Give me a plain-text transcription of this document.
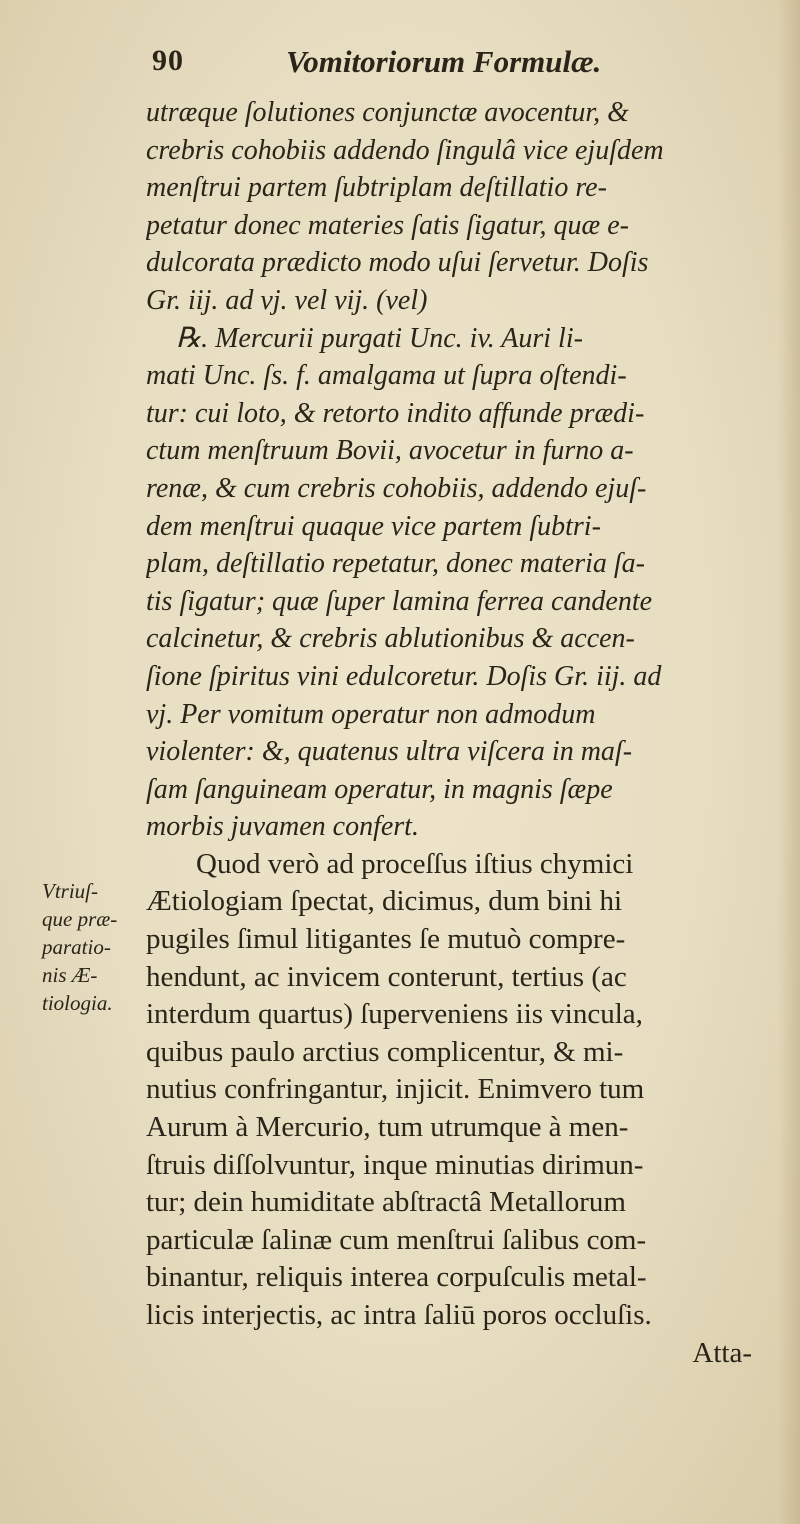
90	Vomitoriorum Formulæ.
Vtriuſ-
que præ-
paratio-
nis Æ-
tiologia.
utræque ſolutiones conjunctæ avocentur, &
crebris cohobiis addendo ſingulâ vice ejuſdem
menſtrui partem ſubtriplam deſtillatio re-
petatur donec materies ſatis ſigatur, quæ e-
dulcorata prædicto modo uſui ſervetur. Doſis
Gr. iij. ad vj. vel vij. (vel)
℞. Mercurii purgati Unc. iv. Auri li-
mati Unc. ſs. f. amalgama ut ſupra oſtendi-
tur: cui loto, & retorto indito affunde prædi-
ctum menſtruum Bovii, avocetur in furno a-
renæ, & cum crebris cohobiis, addendo ejuſ-
dem menſtrui quaque vice partem ſubtri-
plam, deſtillatio repetatur, donec materia ſa-
tis ſigatur; quæ ſuper lamina ferrea candente
calcinetur, & crebris ablutionibus & accen-
ſione ſpiritus vini edulcoretur. Doſis Gr. iij. ad
vj. Per vomitum operatur non admodum
violenter: &, quatenus ultra viſcera in maſ-
ſam ſanguineam operatur, in magnis ſæpe
morbis juvamen confert.
Quod verò ad proceſſus iſtius chymici
Ætiologiam ſpectat, dicimus, dum bini hi
pugiles ſimul litigantes ſe mutuò compre-
hendunt, ac invicem conterunt, tertius (ac
interdum quartus) ſuperveniens iis vincula,
quibus paulo arctius complicentur, & mi-
nutius confringantur, injicit. Enimvero tum
Aurum à Mercurio, tum utrumque à men-
ſtruis diſſolvuntur, inque minutias dirimun-
tur; dein humiditate abſtractâ Metallorum
particulæ ſalinæ cum menſtrui ſalibus com-
binantur, reliquis interea corpuſculis metal-
licis interjectis, ac intra ſaliū poros occluſis.
Atta-
